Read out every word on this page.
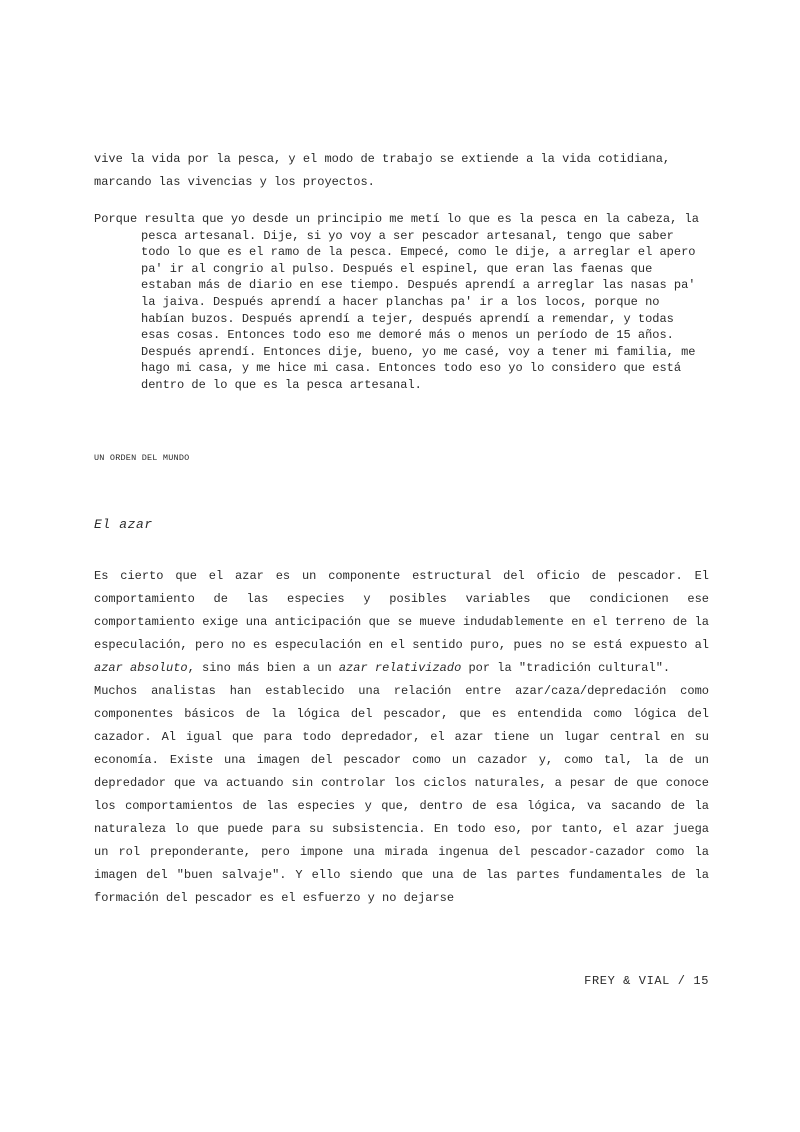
vive la vida por la pesca, y el modo de trabajo se extiende a la vida cotidiana, marcando las vivencias y los proyectos.

Porque resulta que yo desde un principio me metí lo que es la pesca en la cabeza, la pesca artesanal. Dije, si yo voy a ser pescador artesanal, tengo que saber todo lo que es el ramo de la pesca. Empecé, como le dije, a arreglar el apero pa' ir al congrio al pulso. Después el espinel, que eran las faenas que estaban más de diario en ese tiempo. Después aprendí a arreglar las nasas pa' la jaiva. Después aprendí a hacer planchas pa' ir a los locos, porque no habían buzos. Después aprendí a tejer, después aprendí a remendar, y todas esas cosas. Entonces todo eso me demoré más o menos un período de 15 años. Después aprendí. Entonces dije, bueno, yo me casé, voy a tener mi familia, me hago mi casa, y me hice mi casa. Entonces todo eso yo lo considero que está dentro de lo que es la pesca artesanal.

UN ORDEN DEL MUNDO

El azar

Es cierto que el azar es un componente estructural del oficio de pescador. El comportamiento de las especies y posibles variables que condicionen ese comportamiento exige una anticipación que se mueve indudablemente en el terreno de la especulación, pero no es especulación en el sentido puro, pues no se está expuesto al azar absoluto, sino más bien a un azar relativizado por la "tradición cultural".

Muchos analistas han establecido una relación entre azar/caza/depredación como componentes básicos de la lógica del pescador, que es entendida como lógica del cazador. Al igual que para todo depredador, el azar tiene un lugar central en su economía. Existe una imagen del pescador como un cazador y, como tal, la de un depredador que va actuando sin controlar los ciclos naturales, a pesar de que conoce los comportamientos de las especies y que, dentro de esa lógica, va sacando de la naturaleza lo que puede para su subsistencia. En todo eso, por tanto, el azar juega un rol preponderante, pero impone una mirada ingenua del pescador-cazador como la imagen del "buen salvaje". Y ello siendo que una de las partes fundamentales de la formación del pescador es el esfuerzo y no dejarse

FREY & VIAL / 15
